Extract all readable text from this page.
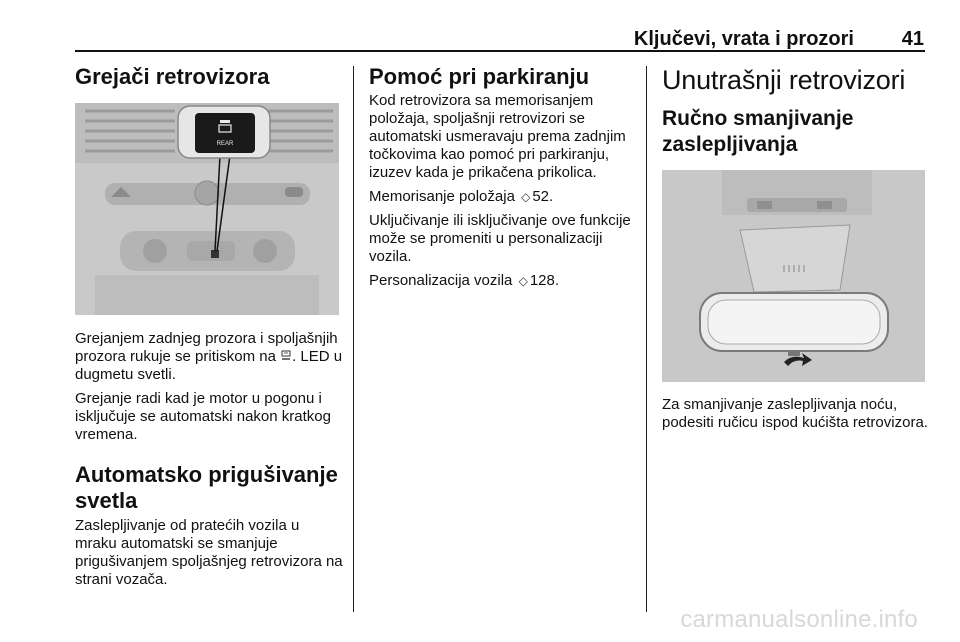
Ključevi, vrata i prozori 41
Grejači retrovizora
REAR

Grejanjem zadnjeg prozora i spoljašnjih prozora rukuje se pritiskom na . LED u dugmetu svetli.

Grejanje radi kad je motor u pogonu i isključuje se automatski nakon kratkog vremena.

Automatsko prigušivanje svetla

Zaslepljivanje od pratećih vozila u mraku automatski se smanjuje prigušivanjem spoljašnjeg retrovizora na strani vozača.

Pomoć pri parkiranju

Kod retrovizora sa memorisanjem položaja, spoljašnji retrovizori se automatski usmeravaju prema zadnjim točkovima kao pomoć pri parkiranju, izuzev kada je prikačena prikolica.

Memorisanje položaja ◇ 52.

Uključivanje ili isključivanje ove funkcije može se promeniti u personalizaciji vozila.

Personalizacija vozila ◇ 128.

Unutrašnji retrovizori
Ručno smanjivanje zaslepljivanja

Za smanjivanje zaslepljivanja noću, podesiti ručicu ispod kućišta retrovizora.

carmanualsonline.info
